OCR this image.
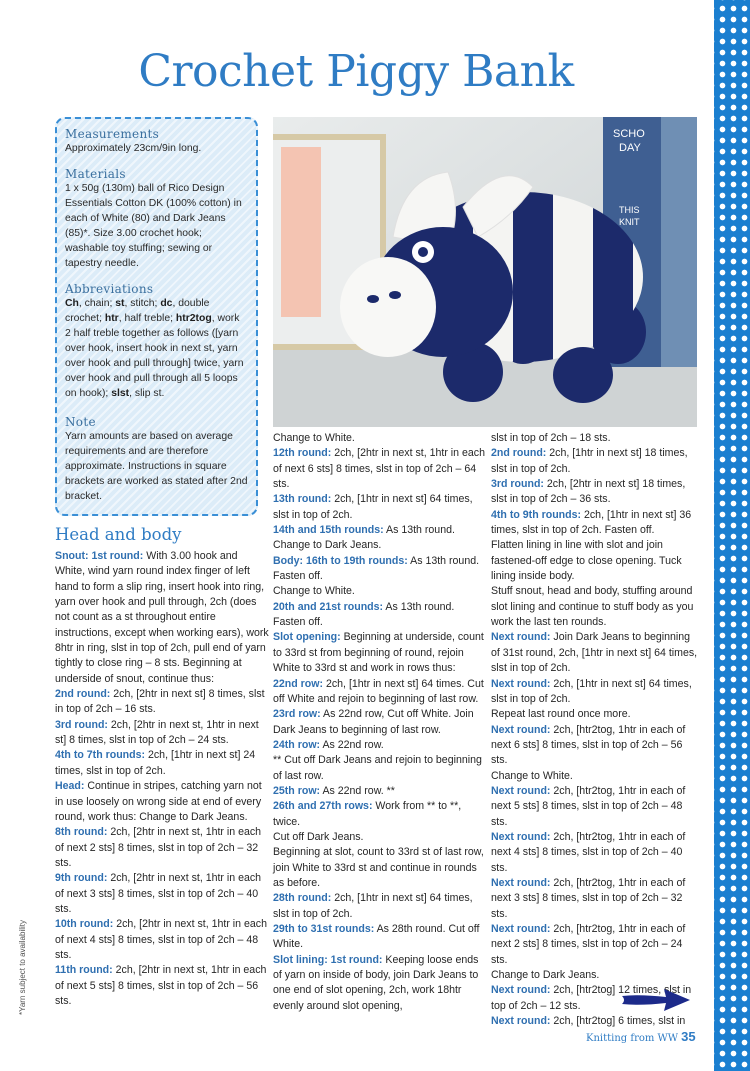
Crochet Piggy Bank
Measurements

Approximately 23cm/9in long.

Materials

1 x 50g (130m) ball of Rico Design Essentials Cotton DK (100% cotton) in each of White (80) and Dark Jeans (85)*. Size 3.00 crochet hook; washable toy stuffing; sewing or tapestry needle.

Abbreviations

Ch, chain; st, stitch; dc, double crochet; htr, half treble; htr2tog, work 2 half treble together as follows ([yarn over hook, insert hook in next st, yarn over hook and pull through] twice, yarn over hook and pull through all 5 loops on hook); slst, slip st.

Note

Yarn amounts are based on average requirements and are therefore approximate. Instructions in square brackets are worked as stated after 2nd bracket.

SCHO
DAY
THIS
KNIT
Head and body

Snout: 1st round: With 3.00 hook and White, wind yarn round index finger of left hand to form a slip ring, insert hook into ring, yarn over hook and pull through, 2ch (does not count as a st throughout entire instructions, except when working ears), work 8htr in ring, slst in top of 2ch, pull end of yarn tightly to close ring – 8 sts. Beginning at underside of snout, continue thus:

2nd round: 2ch, [2htr in next st] 8 times, slst in top of 2ch – 16 sts.

3rd round: 2ch, [2htr in next st, 1htr in next st] 8 times, slst in top of 2ch – 24 sts.

4th to 7th rounds: 2ch, [1htr in next st] 24 times, slst in top of 2ch.

Head: Continue in stripes, catching yarn not in use loosely on wrong side at end of every round, work thus: Change to Dark Jeans.

8th round: 2ch, [2htr in next st, 1htr in each of next 2 sts] 8 times, slst in top of 2ch – 32 sts.

9th round: 2ch, [2htr in next st, 1htr in each of next 3 sts] 8 times, slst in top of 2ch – 40 sts.

10th round: 2ch, [2htr in next st, 1htr in each of next 4 sts] 8 times, slst in top of 2ch – 48 sts.

11th round: 2ch, [2htr in next st, 1htr in each of next 5 sts] 8 times, slst in top of 2ch – 56 sts.

Change to White.

12th round: 2ch, [2htr in next st, 1htr in each of next 6 sts] 8 times, slst in top of 2ch – 64 sts.

13th round: 2ch, [1htr in next st] 64 times, slst in top of 2ch.

14th and 15th rounds: As 13th round. Change to Dark Jeans.

Body: 16th to 19th rounds: As 13th round. Fasten off.

Change to White.

20th and 21st rounds: As 13th round. Fasten off.

Slot opening: Beginning at underside, count to 33rd st from beginning of round, rejoin White to 33rd st and work in rows thus:

22nd row: 2ch, [1htr in next st] 64 times. Cut off White and rejoin to beginning of last row.

23rd row: As 22nd row, Cut off White. Join Dark Jeans to beginning of last row.

24th row: As 22nd row.

** Cut off Dark Jeans and rejoin to beginning of last row.

25th row: As 22nd row. **

26th and 27th rows: Work from ** to **, twice.

Cut off Dark Jeans.

Beginning at slot, count to 33rd st of last row, join White to 33rd st and continue in rounds as before.

28th round: 2ch, [1htr in next st] 64 times, slst in top of 2ch.

29th to 31st rounds: As 28th round. Cut off White.

Slot lining: 1st round: Keeping loose ends of yarn on inside of body, join Dark Jeans to one end of slot opening, 2ch, work 18htr evenly around slot opening,

slst in top of 2ch – 18 sts.

2nd round: 2ch, [1htr in next st] 18 times, slst in top of 2ch.

3rd round: 2ch, [2htr in next st] 18 times, slst in top of 2ch – 36 sts.

4th to 9th rounds: 2ch, [1htr in next st] 36 times, slst in top of 2ch. Fasten off.

Flatten lining in line with slot and join fastened-off edge to close opening. Tuck lining inside body.

Stuff snout, head and body, stuffing around slot lining and continue to stuff body as you work the last ten rounds.

Next round: Join Dark Jeans to beginning of 31st round, 2ch, [1htr in next st] 64 times, slst in top of 2ch.

Next round: 2ch, [1htr in next st] 64 times, slst in top of 2ch.

Repeat last round once more.

Next round: 2ch, [htr2tog, 1htr in each of next 6 sts] 8 times, slst in top of 2ch – 56 sts.

Change to White.

Next round: 2ch, [htr2tog, 1htr in each of next 5 sts] 8 times, slst in top of 2ch – 48 sts.

Next round: 2ch, [htr2tog, 1htr in each of next 4 sts] 8 times, slst in top of 2ch – 40 sts.

Next round: 2ch, [htr2tog, 1htr in each of next 3 sts] 8 times, slst in top of 2ch – 32 sts.

Next round: 2ch, [htr2tog, 1htr in each of next 2 sts] 8 times, slst in top of 2ch – 24 sts.

Change to Dark Jeans.

Next round: 2ch, [htr2tog] 12 times, slst in top of 2ch – 12 sts.

Next round: 2ch, [htr2tog] 6 times, slst in

*Yarn subject to availability
Knitting from WW 35
